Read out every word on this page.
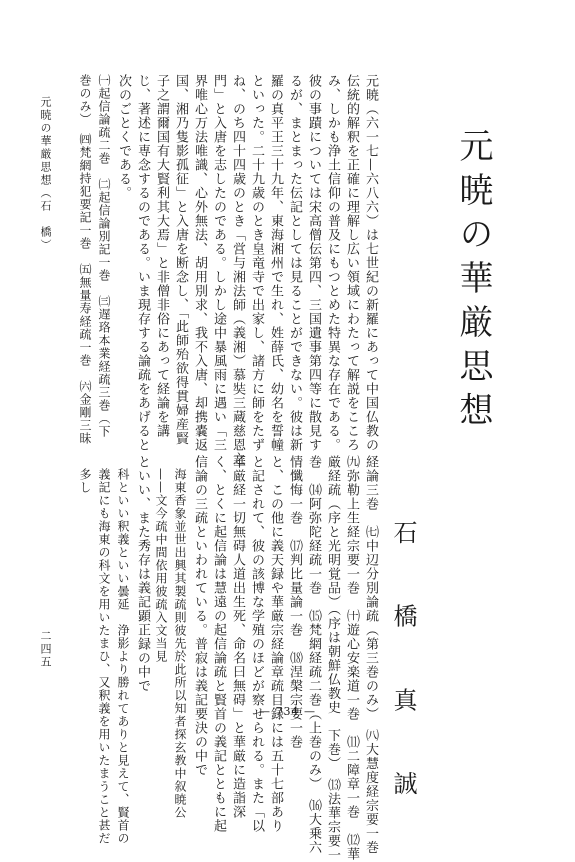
元暁の華厳思想
石 橋 真 誠
経論三巻　㈦中辺分別論疏（第三巻のみ）　㈧大慧度経宗要一巻
㈨弥勒上生経宗要一巻　㈩遊心安楽道一巻　⑾二障章一巻　⑿華
厳経疏（序と光明覚品）（序は朝鮮仏教史　下巻）　⒀法華宗要一
巻　⒁阿弥陀経疏一巻　⒂梵網経疏二巻（上巻のみ）　⒃大乗六
情懺悔一巻　⒄判比量論一巻　⒅涅槃宗要一巻
と、この他に義天録や華厳宗経論章疏目録には五十七部あり
と記されて、彼の該博な学殖のほどが察せられる。また「以
華厳経一切無碍人道出生死、命名曰無碍」と華厳に造詣深
く、とくに起信論は慧遠の起信論疏と賢首の義記とともに起
信論の三疏といわれている。普寂は義記要決の中で
海東香象並世出興其製疏則彼先於此所以知者探玄教中叙暁公
——文今疏中間依用彼疏入文当見
といい、また秀存は義記顕正録の中で
科といい釈義といい曇延　浄影より勝れてありと見えて、賢首の
義記にも海東の科文を用いたまひ、又釈義を用いたまうこと甚だ
多し
元暁（六一七—六八六）は七世紀の新羅にあって中国仏教の
伝統的解釈を正確に理解し広い領域にわたって解説をこころ
み、しかも浄土信仰の普及にもつとめた特異な存在である。
彼の事蹟については宋高僧伝第四、三国遺事第四等に散見す
るが、まとまった伝記としては見ることができない。彼は新
羅の真平王三十九年、東海湘州で生れ、姓薛氏、幼名を誓幢
といった。二十九歳のとき皇竜寺で出家し、諸方に師をたず
ね、のち四十四歳のとき「営与湘法師（義湘）慕奘三蔵慈恩之
門」と入唐を志したのである。しかし途中暴風雨に遇い「三
界唯心万法唯識、心外無法、胡用別求、我不入唐、却携嚢返
国、湘乃隻影孤征」と入唐を断念し、「此師殆欲得貫婦産賢
子之謂爾国有大賢利其大焉」と非僧非俗にあって経論を講
じ、著述に専念するのである。いま現存する論疏をあげると
次のごとくである。
㈠起信論疏二巻　㈡起信論別記一巻　㈢遅珞本業経疏三巻（下
巻のみ）　㈣梵網持犯要記一巻　㈤無量寿経疏一巻　㈥金剛三昧
元暁の華厳思想（石　橋）
二四五
— 734 —
